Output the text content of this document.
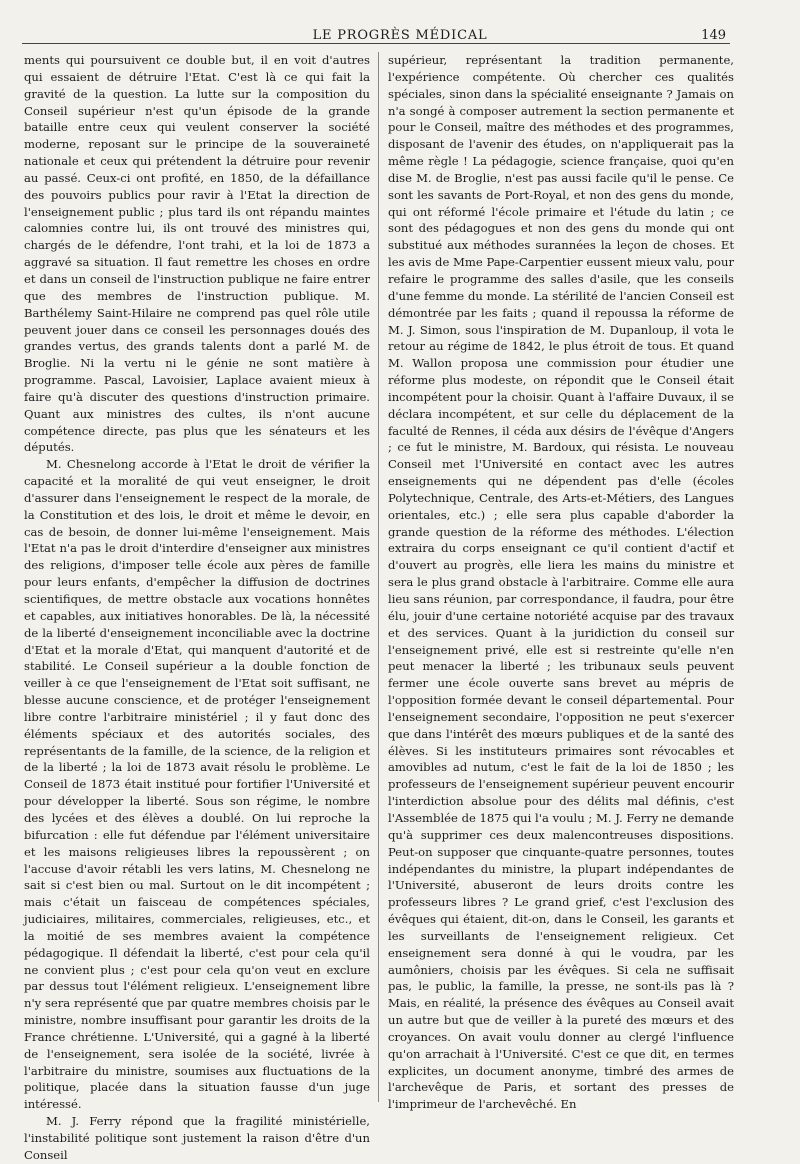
LE PROGRÈS MÉDICAL	149

ments qui poursuivent ce double but, il en voit d'autres qui essaient de détruire l'Etat. C'est là ce qui fait la gravité de la question. La lutte sur la composition du Conseil supérieur n'est qu'un épisode de la grande bataille entre ceux qui veulent conserver la société moderne, reposant sur le principe de la souveraineté nationale et ceux qui prétendent la détruire pour revenir au passé. Ceux-ci ont profité, en 1850, de la défaillance des pouvoirs publics pour ravir à l'Etat la direction de l'enseignement public ; plus tard ils ont répandu maintes calomnies contre lui, ils ont trouvé des ministres qui, chargés de le défendre, l'ont trahi, et la loi de 1873 a aggravé sa situation. Il faut remettre les choses en ordre et dans un conseil de l'instruction publique ne faire entrer que des membres de l'instruction publique. M. Barthélemy Saint-Hilaire ne comprend pas quel rôle utile peuvent jouer dans ce conseil les personnages doués des grandes vertus, des grands talents dont a parlé M. de Broglie. Ni la vertu ni le génie ne sont matière à programme. Pascal, Lavoisier, Laplace avaient mieux à faire qu'à discuter des questions d'instruction primaire. Quant aux ministres des cultes, ils n'ont aucune compétence directe, pas plus que les sénateurs et les députés.

M. Chesnelong accorde à l'Etat le droit de vérifier la capacité et la moralité de qui veut enseigner, le droit d'assurer dans l'enseignement le respect de la morale, de la Constitution et des lois, le droit et même le devoir, en cas de besoin, de donner lui-même l'enseignement. Mais l'Etat n'a pas le droit d'interdire d'enseigner aux ministres des religions, d'imposer telle école aux pères de famille pour leurs enfants, d'empêcher la diffusion de doctrines scientifiques, de mettre obstacle aux vocations honnêtes et capables, aux initiatives honorables. De là, la nécessité de la liberté d'enseignement inconciliable avec la doctrine d'Etat et la morale d'Etat, qui manquent d'autorité et de stabilité. Le Conseil supérieur a la double fonction de veiller à ce que l'enseignement de l'Etat soit suffisant, ne blesse aucune conscience, et de protéger l'enseignement libre contre l'arbitraire ministériel ; il y faut donc des éléments spéciaux et des autorités sociales, des représentants de la famille, de la science, de la religion et de la liberté ; la loi de 1873 avait résolu le problème. Le Conseil de 1873 était institué pour fortifier l'Université et pour développer la liberté. Sous son régime, le nombre des lycées et des élèves a doublé. On lui reproche la bifurcation : elle fut défendue par l'élément universitaire et les maisons religieuses libres la repoussèrent ; on l'accuse d'avoir rétabli les vers latins, M. Chesnelong ne sait si c'est bien ou mal. Surtout on le dit incompétent ; mais c'était un faisceau de compétences spéciales, judiciaires, militaires, commerciales, religieuses, etc., et la moitié de ses membres avaient la compétence pédagogique. Il défendait la liberté, c'est pour cela qu'il ne convient plus ; c'est pour cela qu'on veut en exclure par dessus tout l'élément religieux. L'enseignement libre n'y sera représenté que par quatre membres choisis par le ministre, nombre insuffisant pour garantir les droits de la France chrétienne. L'Université, qui a gagné à la liberté de l'enseignement, sera isolée de la société, livrée à l'arbitraire du ministre, soumises aux fluctuations de la politique, placée dans la situation fausse d'un juge intéressé.

M. J. Ferry répond que la fragilité ministérielle, l'instabilité politique sont justement la raison d'être d'un Conseil

supérieur, représentant la tradition permanente, l'expérience compétente. Où chercher ces qualités spéciales, sinon dans la spécialité enseignante ? Jamais on n'a songé à composer autrement la section permanente et pour le Conseil, maître des méthodes et des programmes, disposant de l'avenir des études, on n'appliquerait pas la même règle ! La pédagogie, science française, quoi qu'en dise M. de Broglie, n'est pas aussi facile qu'il le pense. Ce sont les savants de Port-Royal, et non des gens du monde, qui ont réformé l'école primaire et l'étude du latin ; ce sont des pédagogues et non des gens du monde qui ont substitué aux méthodes surannées la leçon de choses. Et les avis de Mme Pape-Carpentier eussent mieux valu, pour refaire le programme des salles d'asile, que les conseils d'une femme du monde. La stérilité de l'ancien Conseil est démontrée par les faits ; quand il repoussa la réforme de M. J. Simon, sous l'inspiration de M. Dupanloup, il vota le retour au régime de 1842, le plus étroit de tous. Et quand M. Wallon proposa une commission pour étudier une réforme plus modeste, on répondit que le Conseil était incompétent pour la choisir. Quant à l'affaire Duvaux, il se déclara incompétent, et sur celle du déplacement de la faculté de Rennes, il céda aux désirs de l'évêque d'Angers ; ce fut le ministre, M. Bardoux, qui résista. Le nouveau Conseil met l'Université en contact avec les autres enseignements qui ne dépendent pas d'elle (écoles Polytechnique, Centrale, des Arts-et-Métiers, des Langues orientales, etc.) ; elle sera plus capable d'aborder la grande question de la réforme des méthodes. L'élection extraira du corps enseignant ce qu'il contient d'actif et d'ouvert au progrès, elle liera les mains du ministre et sera le plus grand obstacle à l'arbitraire. Comme elle aura lieu sans réunion, par correspondance, il faudra, pour être élu, jouir d'une certaine notoriété acquise par des travaux et des services. Quant à la juridiction du conseil sur l'enseignement privé, elle est si restreinte qu'elle n'en peut menacer la liberté ; les tribunaux seuls peuvent fermer une école ouverte sans brevet au mépris de l'opposition formée devant le conseil départemental. Pour l'enseignement secondaire, l'opposition ne peut s'exercer que dans l'intérêt des mœurs publiques et de la santé des élèves. Si les instituteurs primaires sont révocables et amovibles ad nutum, c'est le fait de la loi de 1850 ; les professeurs de l'enseignement supérieur peuvent encourir l'interdiction absolue pour des délits mal définis, c'est l'Assemblée de 1875 qui l'a voulu ; M. J. Ferry ne demande qu'à supprimer ces deux malencontreuses dispositions. Peut-on supposer que cinquante-quatre personnes, toutes indépendantes du ministre, la plupart indépendantes de l'Université, abuseront de leurs droits contre les professeurs libres ? Le grand grief, c'est l'exclusion des évêques qui étaient, dit-on, dans le Conseil, les garants et les surveillants de l'enseignement religieux. Cet enseignement sera donné à qui le voudra, par les aumôniers, choisis par les évêques. Si cela ne suffisait pas, le public, la famille, la presse, ne sont-ils pas là ? Mais, en réalité, la présence des évêques au Conseil avait un autre but que de veiller à la pureté des mœurs et des croyances. On avait voulu donner au clergé l'influence qu'on arrachait à l'Université. C'est ce que dit, en termes explicites, un document anonyme, timbré des armes de l'archevêque de Paris, et sortant des presses de l'imprimeur de l'archevêché. En
